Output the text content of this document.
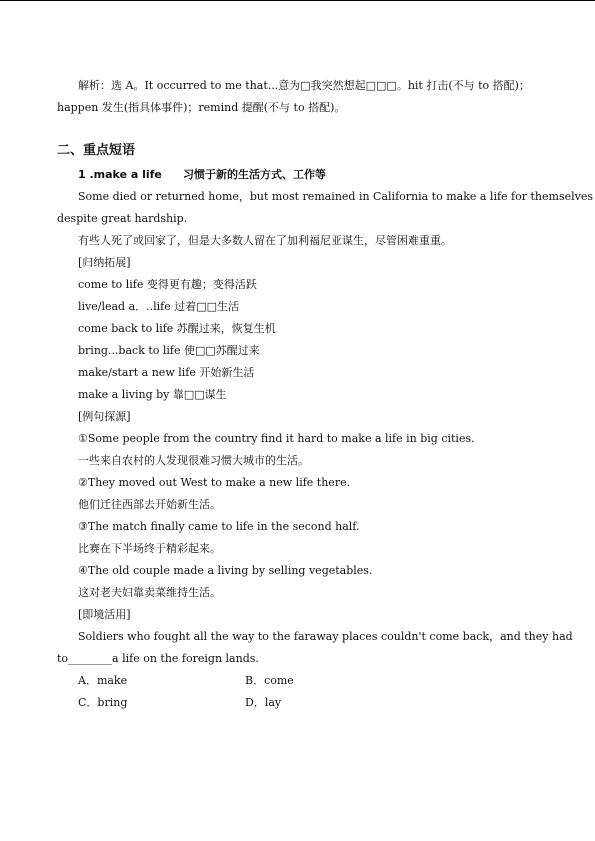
解析：选 A。It occurred to me that...意为□我突然想起□□□。hit 打击(不与 to 搭配)；
happen 发生(指具体事件)；remind 提醒(不与 to 搭配)。
二、重点短语
1 .make a life 习惯于新的生活方式、工作等
Some died or returned home，but most remained in California to make a life for themselves
despite great hardship.
有些人死了或回家了，但是大多数人留在了加利福尼亚谋生，尽管困难重重。
[归纳拓展]
come to life 变得更有趣；变得活跃
live/lead a．..life 过着□□生活
come back to life 苏醒过来，恢复生机
bring...back to life 使□□苏醒过来
make/start a new life 开始新生活
make a living by 靠□□谋生
[例句探源]
①Some people from the country find it hard to make a life in big cities.
一些来自农村的人发现很难习惯大城市的生活。
②They moved out West to make a new life there.
他们迁往西部去开始新生活。
③The match finally came to life in the second half.
比赛在下半场终于精彩起来。
④The old couple made a living by selling vegetables.
这对老夫妇靠卖菜维持生活。
[即境活用]
Soldiers who fought all the way to the faraway places couldn't come back，and they had
to________a life on the foreign lands.
A．make	B．come
C．bring	D．lay
